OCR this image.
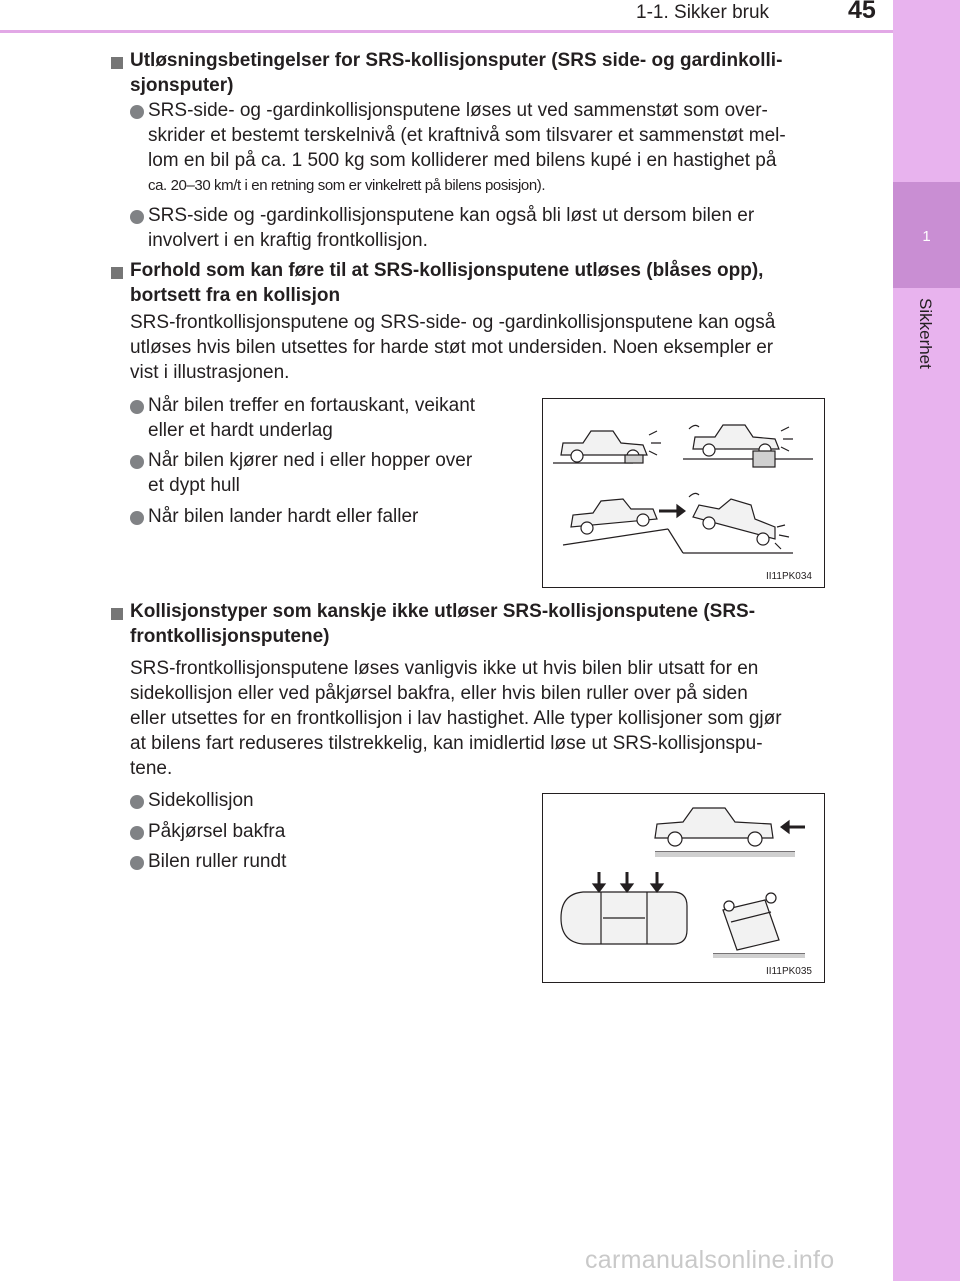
1-1. Sikker bruk	45
1
Sikkerhet
Utløsningsbetingelser for SRS-kollisjonsputer (SRS side- og gardinkolli-
sjonsputer)
SRS-side- og -gardinkollisjonsputene løses ut ved sammenstøt som over-
skrider et bestemt terskelnivå (et kraftnivå som tilsvarer et sammenstøt mel-
lom en bil på ca. 1 500 kg som kolliderer med bilens kupé i en hastighet på
ca. 20–30 km/t i en retning som er vinkelrett på bilens posisjon).
SRS-side og -gardinkollisjonsputene kan også bli løst ut dersom bilen er
involvert i en kraftig frontkollisjon.
Forhold som kan føre til at SRS-kollisjonsputene utløses (blåses opp),
bortsett fra en kollisjon
SRS-frontkollisjonsputene og SRS-side- og -gardinkollisjonsputene kan også
utløses hvis bilen utsettes for harde støt mot undersiden. Noen eksempler er
vist i illustrasjonen.
Når bilen treffer en fortauskant, veikant
eller et hardt underlag
Når bilen kjører ned i eller hopper over
et dypt hull
Når bilen lander hardt eller faller
II11PK034
Kollisjonstyper som kanskje ikke utløser SRS-kollisjonsputene (SRS-
frontkollisjonsputene)
SRS-frontkollisjonsputene løses vanligvis ikke ut hvis bilen blir utsatt for en
sidekollisjon eller ved påkjørsel bakfra, eller hvis bilen ruller over på siden
eller utsettes for en frontkollisjon i lav hastighet. Alle typer kollisjoner som gjør
at bilens fart reduseres tilstrekkelig, kan imidlertid løse ut SRS-kollisjonspu-
tene.
Sidekollisjon
Påkjørsel bakfra
Bilen ruller rundt
II11PK035
carmanualsonline.info
